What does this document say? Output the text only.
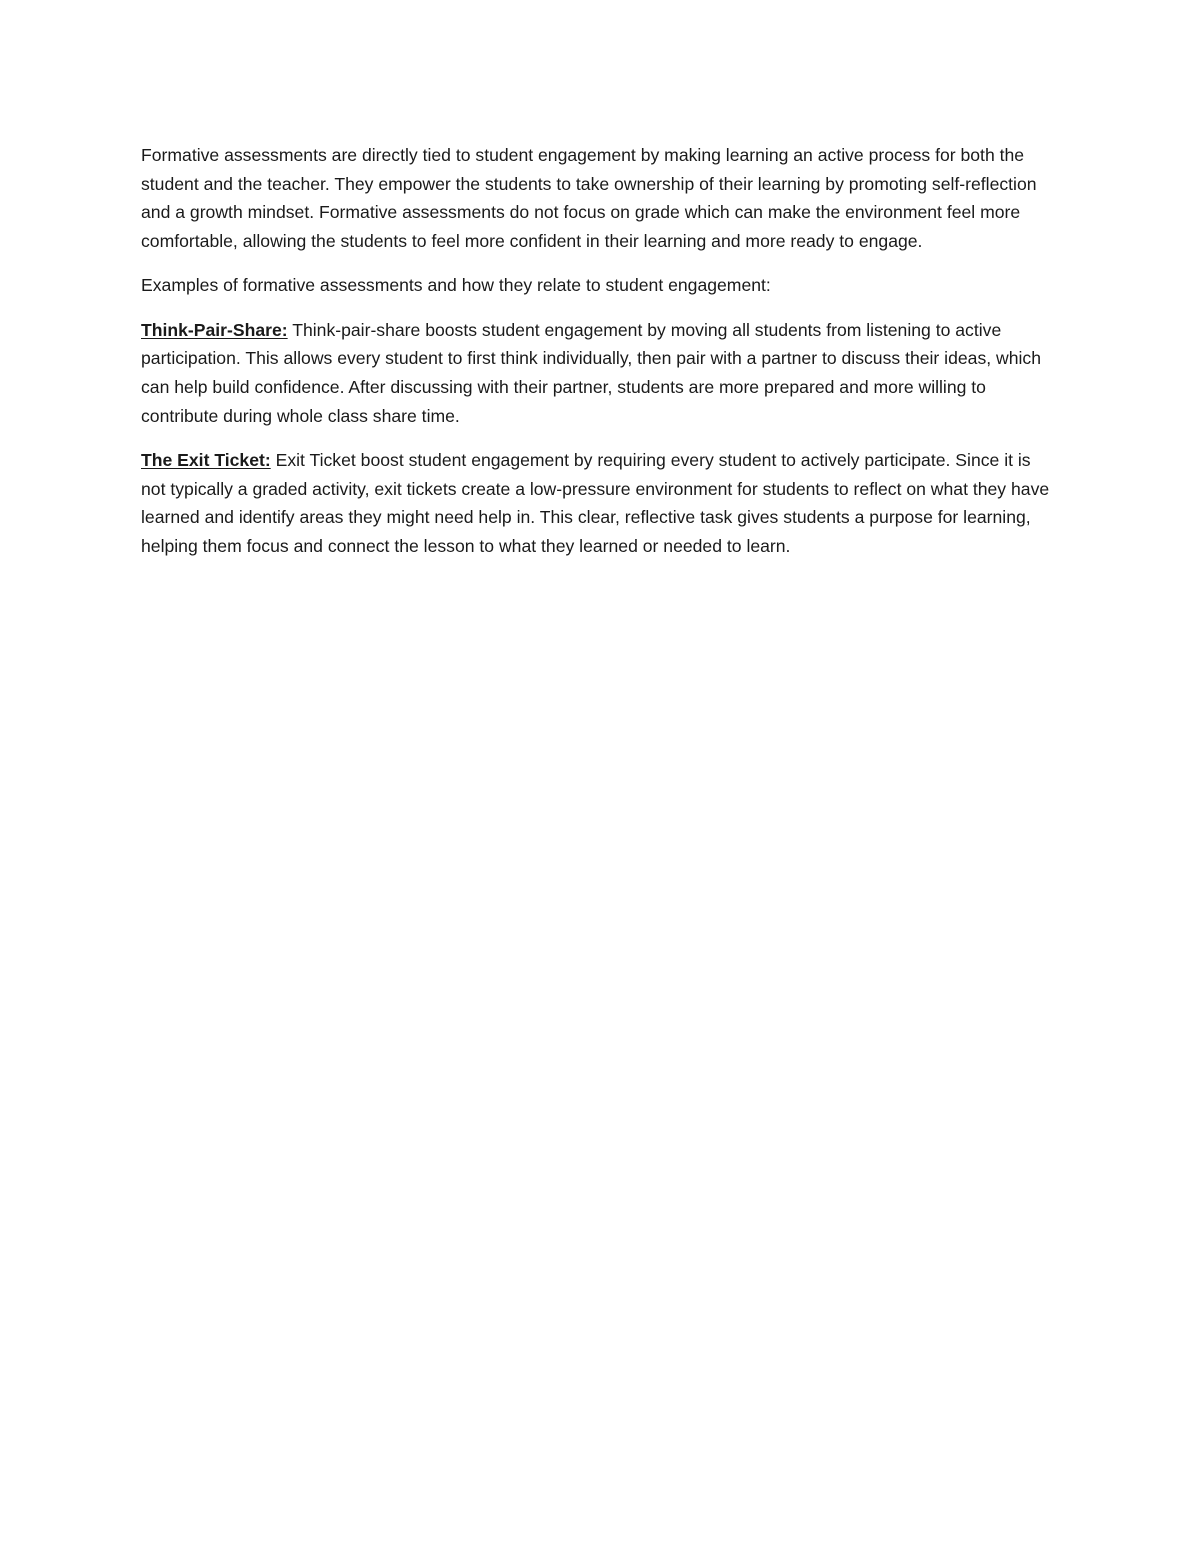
Formative assessments are directly tied to student engagement by making learning an active process for both the student and the teacher. They empower the students to take ownership of their learning by promoting self-reflection and a growth mindset. Formative assessments do not focus on grade which can make the environment feel more comfortable, allowing the students to feel more confident in their learning and more ready to engage.

Examples of formative assessments and how they relate to student engagement:

Think-Pair-Share: Think-pair-share boosts student engagement by moving all students from listening to active participation. This allows every student to first think individually, then pair with a partner to discuss their ideas, which can help build confidence. After discussing with their partner, students are more prepared and more willing to contribute during whole class share time.

The Exit Ticket: Exit Ticket boost student engagement by requiring every student to actively participate. Since it is not typically a graded activity, exit tickets create a low-pressure environment for students to reflect on what they have learned and identify areas they might need help in. This clear, reflective task gives students a purpose for learning, helping them focus and connect the lesson to what they learned or needed to learn.
